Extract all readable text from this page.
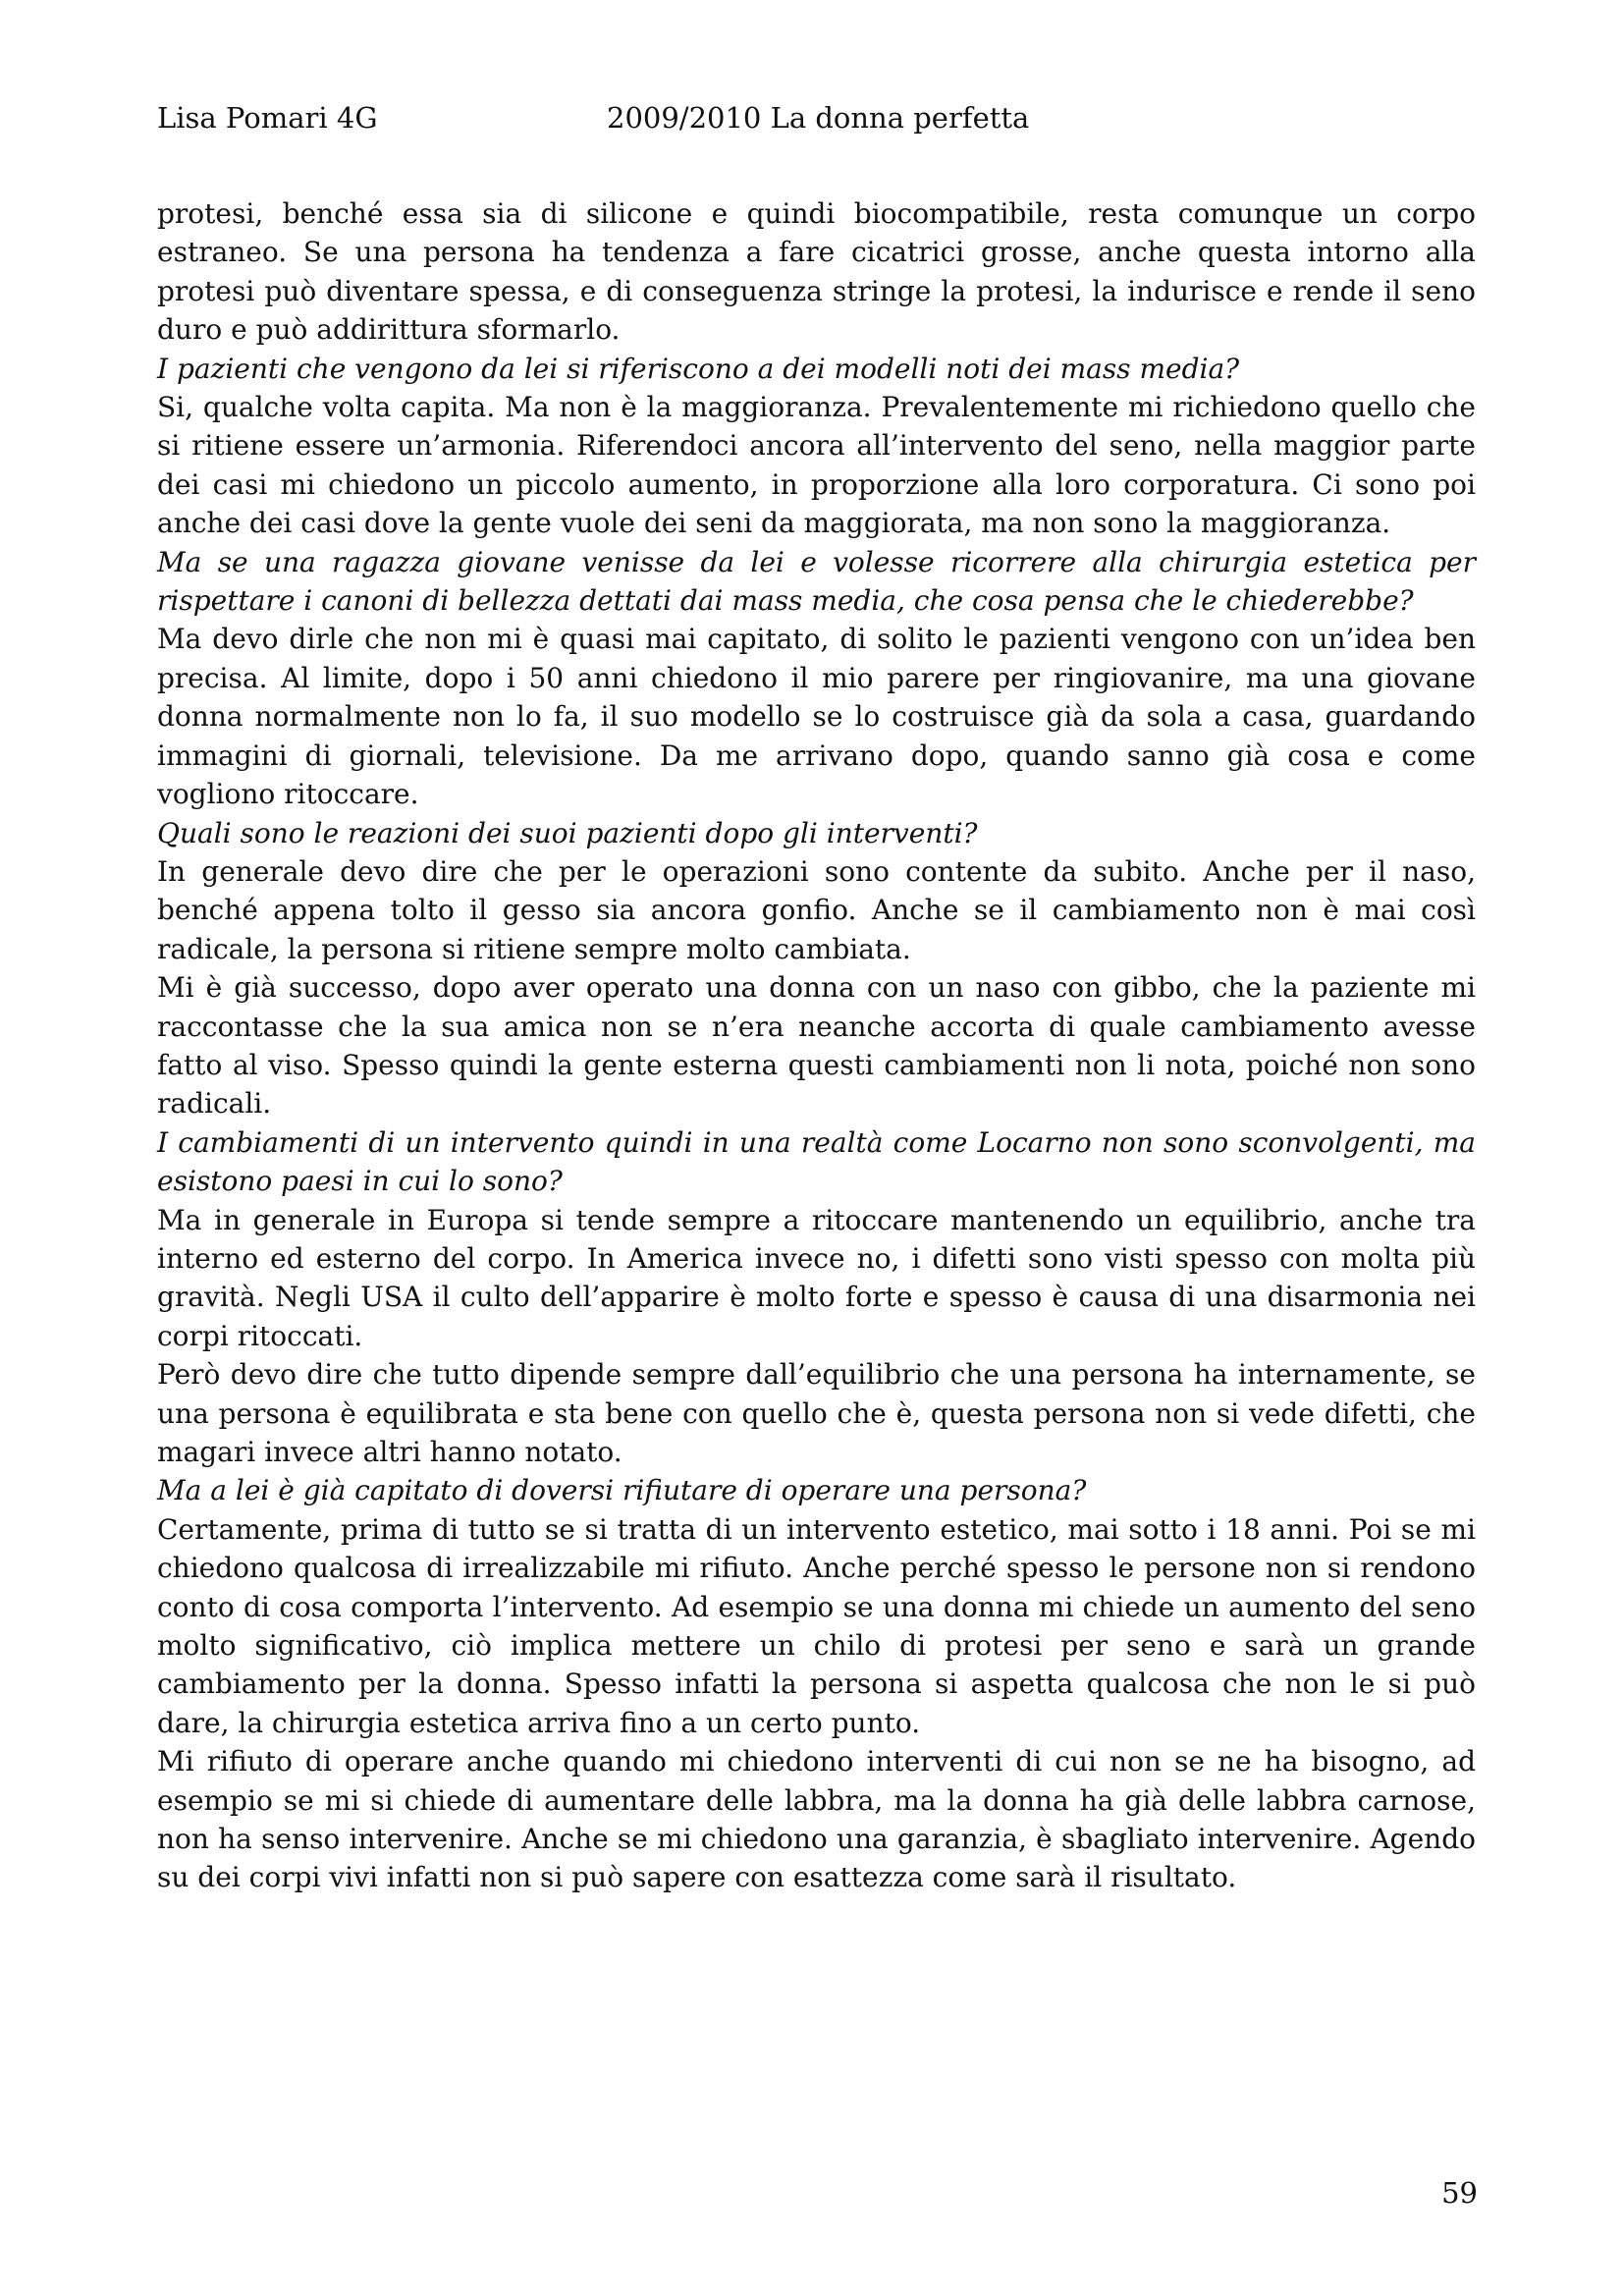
Lisa Pomari 4G	2009/2010 La donna perfetta

protesi, benché essa sia di silicone e quindi biocompatibile, resta comunque un corpo estraneo. Se una persona ha tendenza a fare cicatrici grosse, anche questa intorno alla protesi può diventare spessa, e di conseguenza stringe la protesi, la indurisce e rende il seno duro e può addirittura sformarlo.

I pazienti che vengono da lei si riferiscono a dei modelli noti dei mass media?

Si, qualche volta capita. Ma non è la maggioranza. Prevalentemente mi richiedono quello che si ritiene essere un’armonia. Riferendoci ancora all’intervento del seno, nella maggior parte dei casi mi chiedono un piccolo aumento, in proporzione alla loro corporatura. Ci sono poi anche dei casi dove la gente vuole dei seni da maggiorata, ma non sono la maggioranza.

Ma se una ragazza giovane venisse da lei e volesse ricorrere alla chirurgia estetica per rispettare i canoni di bellezza dettati dai mass media, che cosa pensa che le chiederebbe?

Ma devo dirle che non mi è quasi mai capitato, di solito le pazienti vengono con un’idea ben precisa. Al limite, dopo i 50 anni chiedono il mio parere per ringiovanire, ma una giovane donna normalmente non lo fa, il suo modello se lo costruisce già da sola a casa, guardando immagini di giornali, televisione. Da me arrivano dopo, quando sanno già cosa e come vogliono ritoccare.

Quali sono le reazioni dei suoi pazienti dopo gli interventi?

In generale devo dire che per le operazioni sono contente da subito. Anche per il naso, benché appena tolto il gesso sia ancora gonfio. Anche se il cambiamento non è mai così radicale, la persona si ritiene sempre molto cambiata.

Mi è già successo, dopo aver operato una donna con un naso con gibbo, che la paziente mi raccontasse che la sua amica non se n’era neanche accorta di quale cambiamento avesse fatto al viso. Spesso quindi la gente esterna questi cambiamenti non li nota, poiché non sono radicali.

I cambiamenti di un intervento quindi in una realtà come Locarno non sono sconvolgenti, ma esistono paesi in cui lo sono?

Ma in generale in Europa si tende sempre a ritoccare mantenendo un equilibrio, anche tra interno ed esterno del corpo. In America invece no, i difetti sono visti spesso con molta più gravità. Negli USA il culto dell’apparire è molto forte e spesso è causa di una disarmonia nei corpi ritoccati.

Però devo dire che tutto dipende sempre dall’equilibrio che una persona ha internamente, se una persona è equilibrata e sta bene con quello che è, questa persona non si vede difetti, che magari invece altri hanno notato.

Ma a lei è già capitato di doversi rifiutare di operare una persona?

Certamente, prima di tutto se si tratta di un intervento estetico, mai sotto i 18 anni. Poi se mi chiedono qualcosa di irrealizzabile mi rifiuto. Anche perché spesso le persone non si rendono conto di cosa comporta l’intervento. Ad esempio se una donna mi chiede un aumento del seno molto significativo, ciò implica mettere un chilo di protesi per seno e sarà un grande cambiamento per la donna. Spesso infatti la persona si aspetta qualcosa che non le si può dare, la chirurgia estetica arriva fino a un certo punto.

Mi rifiuto di operare anche quando mi chiedono interventi di cui non se ne ha bisogno, ad esempio se mi si chiede di aumentare delle labbra, ma la donna ha già delle labbra carnose, non ha senso intervenire. Anche se mi chiedono una garanzia, è sbagliato intervenire. Agendo su dei corpi vivi infatti non si può sapere con esattezza come sarà il risultato.

59
